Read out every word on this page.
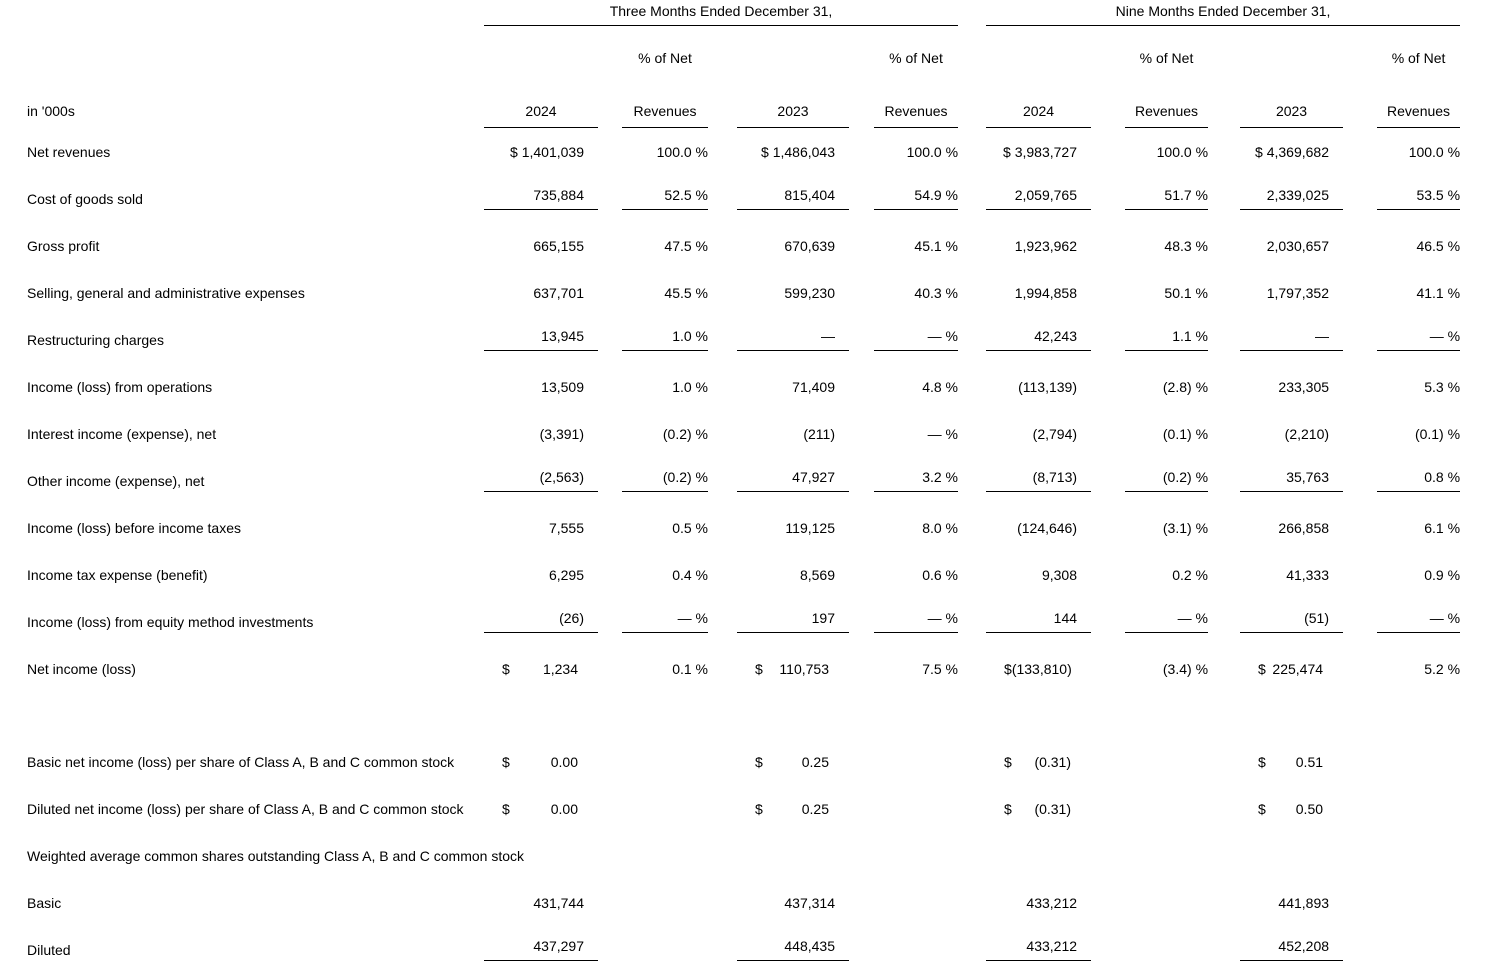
	Three Months Ended December 31,				Nine Months Ended December 31,			

		% of Net		% of Net		% of Net		% of Net
in '000s	2024	Revenues	2023	Revenues	2024	Revenues	2023	Revenues

Net revenues	$ 1,401,039	100.0 %	$ 1,486,043	100.0 %	$ 3,983,727	100.0 %	$ 4,369,682	100.0 %

Cost of goods sold	735,884	52.5 %	815,404	54.9 %	2,059,765	51.7 %	2,339,025	53.5 %

Gross profit	665,155	47.5 %	670,639	45.1 %	1,923,962	48.3 %	2,030,657	46.5 %

Selling, general and administrative expenses	637,701	45.5 %	599,230	40.3 %	1,994,858	50.1 %	1,797,352	41.1 %

Restructuring charges	13,945	1.0 %	—	— %	42,243	1.1 %	—	— %

Income (loss) from operations	13,509	1.0 %	71,409	4.8 %	(113,139)	(2.8) %	233,305	5.3 %

Interest income (expense), net	(3,391)	(0.2) %	(211)	— %	(2,794)	(0.1) %	(2,210)	(0.1) %

Other income (expense), net	(2,563)	(0.2) %	47,927	3.2 %	(8,713)	(0.2) %	35,763	0.8 %

Income (loss) before income taxes	7,555	0.5 %	119,125	8.0 %	(124,646)	(3.1) %	266,858	6.1 %

Income tax expense (benefit)	6,295	0.4 %	8,569	0.6 %	9,308	0.2 %	41,333	0.9 %

Income (loss) from equity method investments	(26)	— %	197	— %	144	— %	(51)	— %

Net income (loss)	$ 1,234	0.1 %	$ 110,753	7.5 %	$ (133,810)	(3.4) %	$ 225,474	5.2 %

Basic net income (loss) per share of Class A, B and C common stock	$ 0.00		$ 0.25		$ (0.31)		$ 0.51	

Diluted net income (loss) per share of Class A, B and C common stock	$ 0.00		$ 0.25		$ (0.31)		$ 0.50	

Weighted average common shares outstanding Class A, B and C common stock								
Basic	431,744		437,314		433,212		441,893	

Diluted	437,297		448,435		433,212		452,208	
